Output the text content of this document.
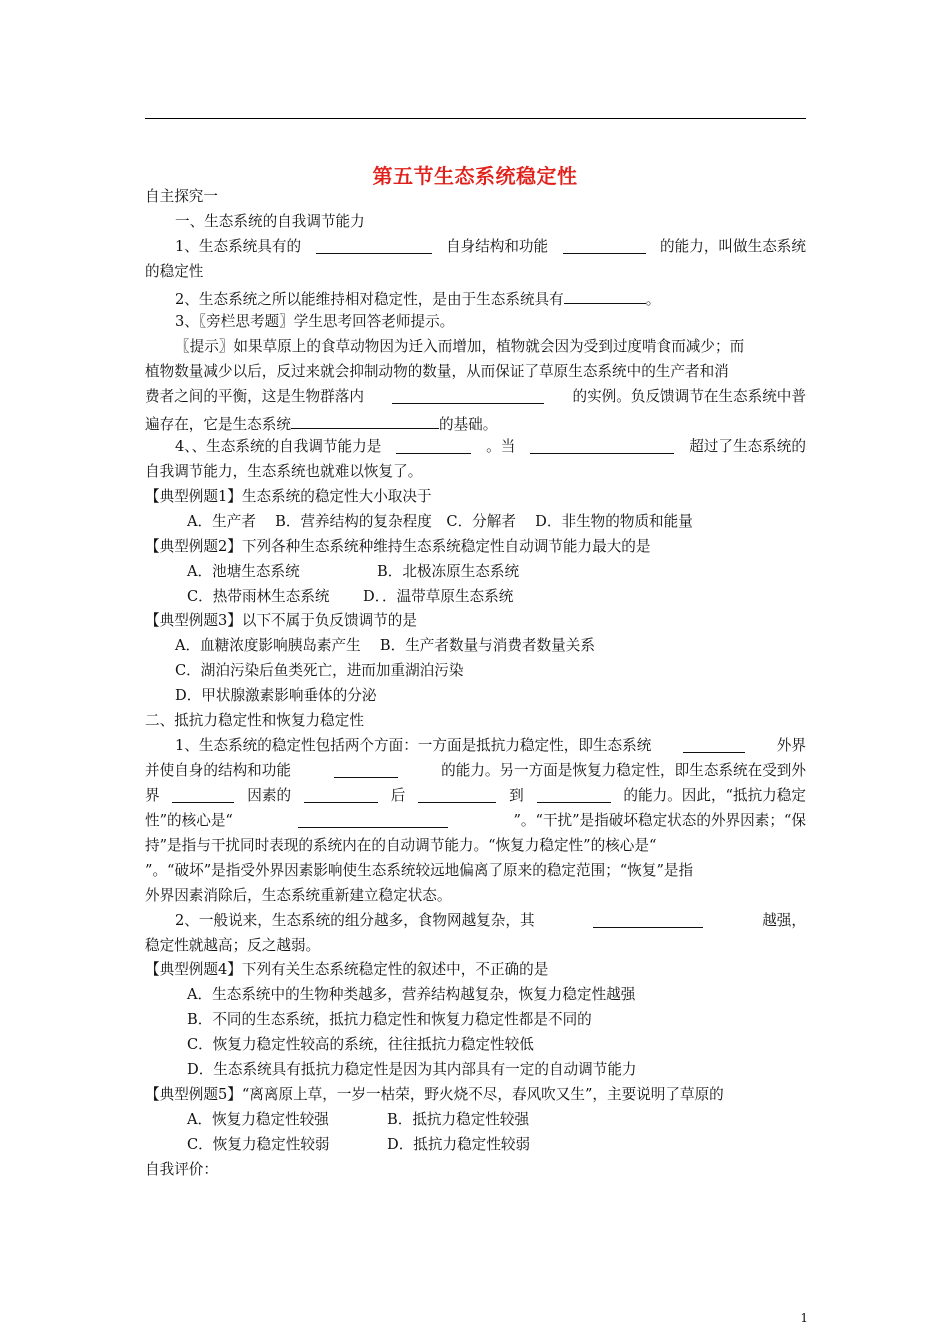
第五节生态系统稳定性
自主探究一
一、生态系统的自我调节能力
1、生态系统具有的	自身结构和功能	的能力，叫做生态系统
的稳定性
2、生态系统之所以能维持相对稳定性，是由于生态系统具有	。
3、〖旁栏思考题〗学生思考回答老师提示。
〖提示〗如果草原上的食草动物因为迁入而增加，植物就会因为受到过度啃食而减少；而
植物数量减少以后，反过来就会抑制动物的数量，从而保证了草原生态系统中的生产者和消
费者之间的平衡，这是生物群落内	的实例。负反馈调节在生态系统中普
遍存在，它是生态系统	的基础。
4、、生态系统的自我调节能力是	。当	超过了生态系统的
自我调节能力，生态系统也就难以恢复了。
【典型例题1】生态系统的稳定性大小取决于
A．生产者　 B．营养结构的复杂程度　C．分解者　 D．非生物的物质和能量
【典型例题2】下列各种生态系统种维持生态系统稳定性自动调节能力最大的是
A．池塘生态系统	B．北极冻原生态系统
C．热带雨林生态系统 D．．温带草原生态系统
【典型例题3】以下不属于负反馈调节的是
A．血糖浓度影响胰岛素产生　 B．生产者数量与消费者数量关系
C．湖泊污染后鱼类死亡，进而加重湖泊污染
D．甲状腺激素影响垂体的分泌
二、抵抗力稳定性和恢复力稳定性
1、生态系统的稳定性包括两个方面：一方面是抵抗力稳定性，即生态系统	外界
并使自身的结构和功能	的能力。另一方面是恢复力稳定性，即生态系统在受到外
界	因素的	后	到	的能力。因此，“抵抗力稳定
性”的核心是“	”。“干扰”是指破坏稳定状态的外界因素；“保
持”是指与干扰同时表现的系统内在的自动调节能力。“恢复力稳定性”的核心是“
”。“破坏”是指受外界因素影响使生态系统较远地偏离了原来的稳定范围；“恢复”是指
外界因素消除后，生态系统重新建立稳定状态。
2、一般说来，生态系统的组分越多，食物网越复杂，其	越强，
稳定性就越高；反之越弱。
【典型例题4】下列有关生态系统稳定性的叙述中，不正确的是
A．生态系统中的生物种类越多，营养结构越复杂，恢复力稳定性越强
B．不同的生态系统，抵抗力稳定性和恢复力稳定性都是不同的
C．恢复力稳定性较高的系统，往往抵抗力稳定性较低
D．生态系统具有抵抗力稳定性是因为其内部具有一定的自动调节能力
【典型例题5】“离离原上草，一岁一枯荣，野火烧不尽，春风吹又生”，主要说明了草原的
A．恢复力稳定性较强	B．抵抗力稳定性较强
C．恢复力稳定性较弱	D．抵抗力稳定性较弱
自我评价：
1
